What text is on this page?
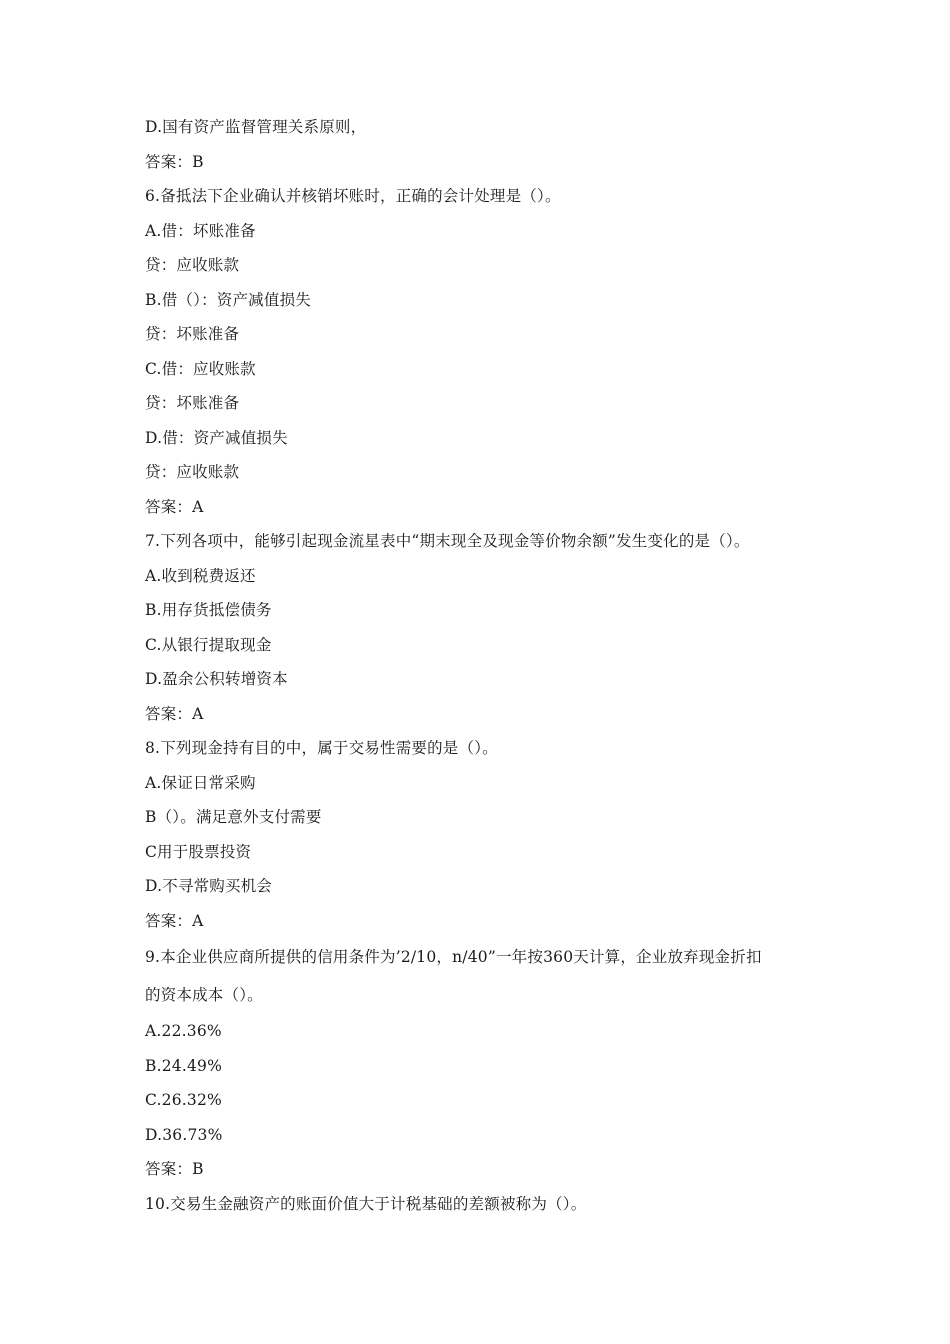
D.国有资产监督管理关系原则，
答案：B
6.备抵法下企业确认并核销坏账时，正确的会计处理是（）。
A.借：坏账准备
贷：应收账款
B.借（）：资产减值损失
贷：坏账准备
C.借：应收账款
贷：坏账准备
D.借：资产减值损失
贷：应收账款
答案：A
7.下列各项中，能够引起现金流星表中“期末现全及现金等价物余额”发生变化的是（）。
A.收到税费返还
B.用存货抵偿债务
C.从银行提取现金
D.盈余公积转增资本
答案：A
8.下列现金持有目的中，属于交易性需要的是（）。
A.保证日常采购
B（）。满足意外支付需要
C用于股票投资
D.不寻常购买机会
答案：A
9.本企业供应商所提供的信用条件为’2/10，n/40”一年按360天计算，企业放弃现金折扣
的资本成本（）。
A.22.36%
B.24.49%
C.26.32%
D.36.73%
答案：B
10.交易生金融资产的账面价值大于计税基础的差额被称为（）。
